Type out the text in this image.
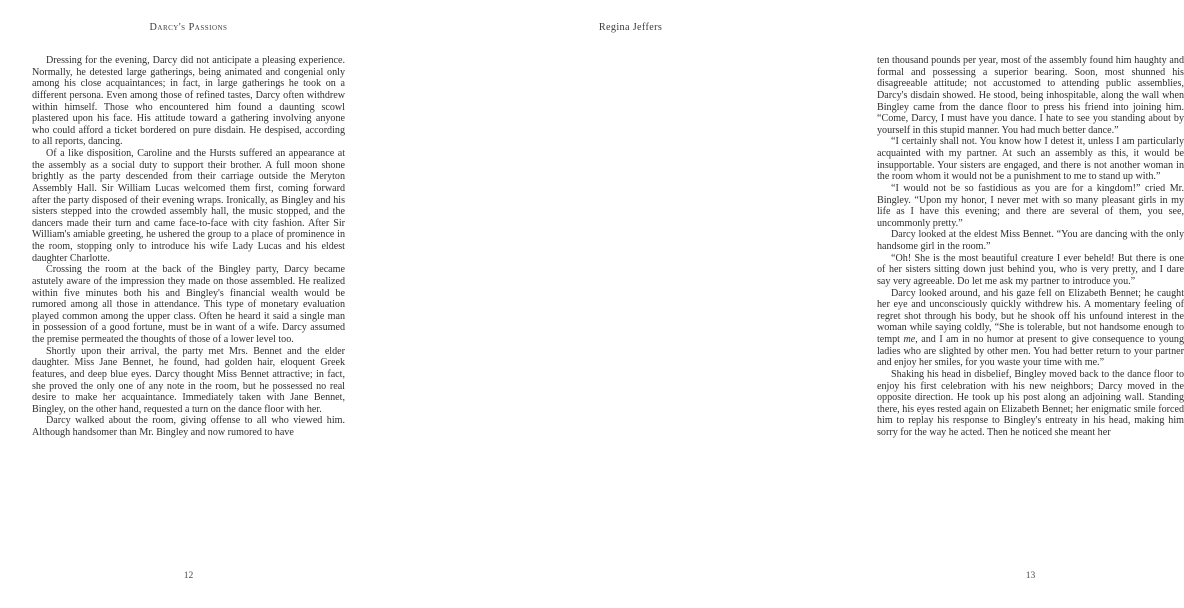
Darcy's Passions

Dressing for the evening, Darcy did not anticipate a pleasing experience. Normally, he detested large gatherings, being animated and congenial only among his close acquaintances; in fact, in large gatherings he took on a different persona. Even among those of refined tastes, Darcy often withdrew within himself. Those who encountered him found a daunting scowl plastered upon his face. His attitude toward a gathering involving anyone who could afford a ticket bordered on pure disdain. He despised, according to all reports, dancing.

Of a like disposition, Caroline and the Hursts suffered an appearance at the assembly as a social duty to support their brother. A full moon shone brightly as the party descended from their carriage outside the Meryton Assembly Hall. Sir William Lucas welcomed them first, coming forward after the party disposed of their evening wraps. Ironically, as Bingley and his sisters stepped into the crowded assembly hall, the music stopped, and the dancers made their turn and came face-to-face with city fashion. After Sir William's amiable greeting, he ushered the group to a place of prominence in the room, stopping only to introduce his wife Lady Lucas and his eldest daughter Charlotte.

Crossing the room at the back of the Bingley party, Darcy became astutely aware of the impression they made on those assembled. He realized within five minutes both his and Bingley's financial wealth would be rumored among all those in attendance. This type of monetary evaluation played common among the upper class. Often he heard it said a single man in possession of a good fortune, must be in want of a wife. Darcy assumed the premise permeated the thoughts of those of a lower level too.

Shortly upon their arrival, the party met Mrs. Bennet and the elder daughter. Miss Jane Bennet, he found, had golden hair, eloquent Greek features, and deep blue eyes. Darcy thought Miss Bennet attractive; in fact, she proved the only one of any note in the room, but he possessed no real desire to make her acquaintance. Immediately taken with Jane Bennet, Bingley, on the other hand, requested a turn on the dance floor with her.

Darcy walked about the room, giving offense to all who viewed him. Although handsomer than Mr. Bingley and now rumored to have

12
Regina Jeffers

ten thousand pounds per year, most of the assembly found him haughty and formal and possessing a superior bearing. Soon, most shunned his disagreeable attitude; not accustomed to attending public assemblies, Darcy's disdain showed. He stood, being inhospitable, along the wall when Bingley came from the dance floor to press his friend into joining him. “Come, Darcy, I must have you dance. I hate to see you standing about by yourself in this stupid manner. You had much better dance.”

“I certainly shall not. You know how I detest it, unless I am particularly acquainted with my partner. At such an assembly as this, it would be insupportable. Your sisters are engaged, and there is not another woman in the room whom it would not be a punishment to me to stand up with.”

“I would not be so fastidious as you are for a kingdom!” cried Mr. Bingley. “Upon my honor, I never met with so many pleasant girls in my life as I have this evening; and there are several of them, you see, uncommonly pretty.”

Darcy looked at the eldest Miss Bennet. “You are dancing with the only handsome girl in the room.”

“Oh! She is the most beautiful creature I ever beheld! But there is one of her sisters sitting down just behind you, who is very pretty, and I dare say very agreeable. Do let me ask my partner to introduce you.”

Darcy looked around, and his gaze fell on Elizabeth Bennet; he caught her eye and unconsciously quickly withdrew his. A momentary feeling of regret shot through his body, but he shook off his unfound interest in the woman while saying coldly, “She is tolerable, but not handsome enough to tempt me, and I am in no humor at present to give consequence to young ladies who are slighted by other men. You had better return to your partner and enjoy her smiles, for you waste your time with me.”

Shaking his head in disbelief, Bingley moved back to the dance floor to enjoy his first celebration with his new neighbors; Darcy moved in the opposite direction. He took up his post along an adjoining wall. Standing there, his eyes rested again on Elizabeth Bennet; her enigmatic smile forced him to replay his response to Bingley's entreaty in his head, making him sorry for the way he acted. Then he noticed she meant her

13
